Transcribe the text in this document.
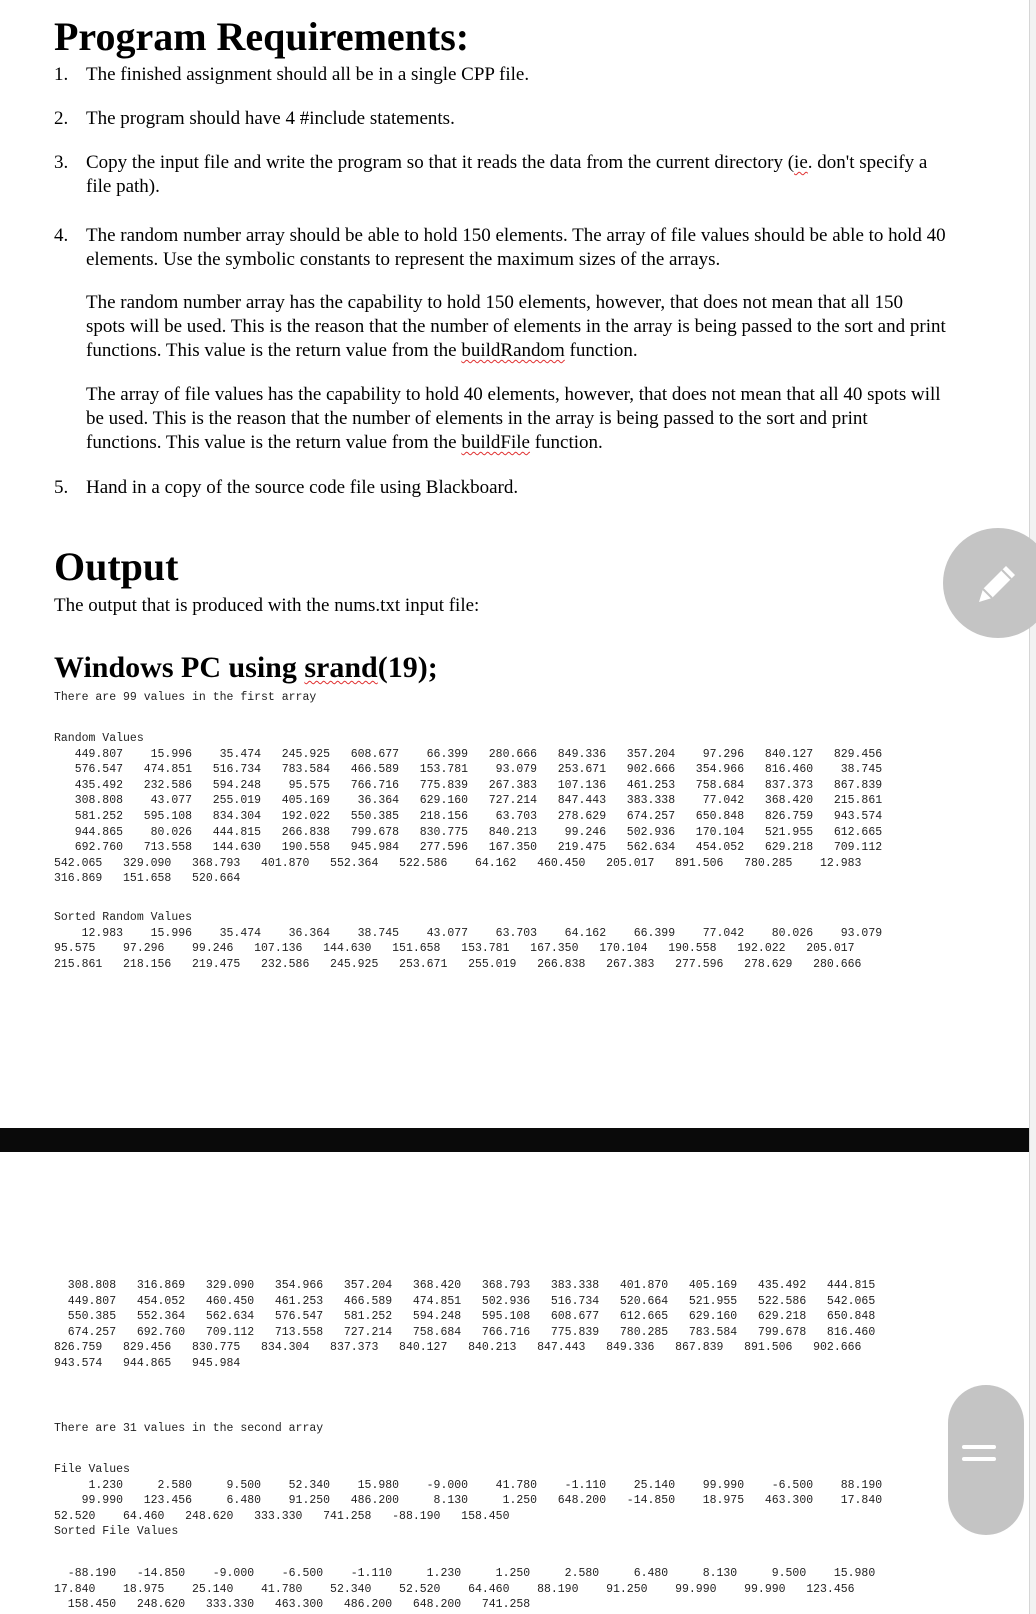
Program Requirements:
1. The finished assignment should all be in a single CPP file.
2. The program should have 4 #include statements.
3. Copy the input file and write the program so that it reads the data from the current directory (ie. don't specify a file path).
4. The random number array should be able to hold 150 elements. The array of file values should be able to hold 40 elements. Use the symbolic constants to represent the maximum sizes of the arrays.
The random number array has the capability to hold 150 elements, however, that does not mean that all 150 spots will be used. This is the reason that the number of elements in the array is being passed to the sort and print functions. This value is the return value from the buildRandom function.
The array of file values has the capability to hold 40 elements, however, that does not mean that all 40 spots will be used. This is the reason that the number of elements in the array is being passed to the sort and print functions. This value is the return value from the buildFile function.
5. Hand in a copy of the source code file using Blackboard.
Output
The output that is produced with the nums.txt input file:
Windows PC using srand(19);
There are 99 values in the first array
Random Values
449.807    15.996    35.474   245.925   608.677    66.399   280.666   849.336   357.204    97.296   840.127   829.456
576.547   474.851   516.734   783.584   466.589   153.781    93.079   253.671   902.666   354.966   816.460    38.745
435.492   232.586   594.248    95.575   766.716   775.839   267.383   107.136   461.253   758.684   837.373   867.839
308.808    43.077   255.019   405.169    36.364   629.160   727.214   847.443   383.338    77.042   368.420   215.861
581.252   595.108   834.304   192.022   550.385   218.156    63.703   278.629   674.257   650.848   826.759   943.574
944.865    80.026   444.815   266.838   799.678   830.775   840.213    99.246   502.936   170.104   521.955   612.665
692.760   713.558   144.630   190.558   945.984   277.596   167.350   219.475   562.634   454.052   629.218   709.112
542.065   329.090   368.793   401.870   552.364   522.586    64.162   460.450   205.017   891.506   780.285    12.983
316.869   151.658   520.664
Sorted Random Values
12.983    15.996    35.474    36.364    38.745    43.077    63.703    64.162    66.399    77.042    80.026    93.079
95.575    97.296    99.246   107.136   144.630   151.658   153.781   167.350   170.104   190.558   192.022   205.017
215.861   218.156   219.475   232.586   245.925   253.671   255.019   266.838   267.383   277.596   278.629   280.666
308.808   316.869   329.090   354.966   357.204   368.420   368.793   383.338   401.870   405.169   435.492   444.815
449.807   454.052   460.450   461.253   466.589   474.851   502.936   516.734   520.664   521.955   522.586   542.065
550.385   552.364   562.634   576.547   581.252   594.248   595.108   608.677   612.665   629.160   629.218   650.848
674.257   692.760   709.112   713.558   727.214   758.684   766.716   775.839   780.285   783.584   799.678   816.460
826.759   829.456   830.775   834.304   837.373   840.127   840.213   847.443   849.336   867.839   891.506   902.666
943.574   944.865   945.984
There are 31 values in the second array
File Values
1.230     2.580     9.500    52.340    15.980    -9.000    41.780    -1.110    25.140    99.990    -6.500    88.190
99.990   123.456     6.480    91.250   486.200     8.130     1.250   648.200   -14.850    18.975   463.300    17.840
52.520    64.460   248.620   333.330   741.258   -88.190   158.450
Sorted File Values
-88.190   -14.850    -9.000    -6.500    -1.110     1.230     1.250     2.580     6.480     8.130     9.500    15.980
17.840    18.975    25.140    41.780    52.340    52.520    64.460    88.190    91.250    99.990    99.990   123.456
158.450   248.620   333.330   463.300   486.200   648.200   741.258
